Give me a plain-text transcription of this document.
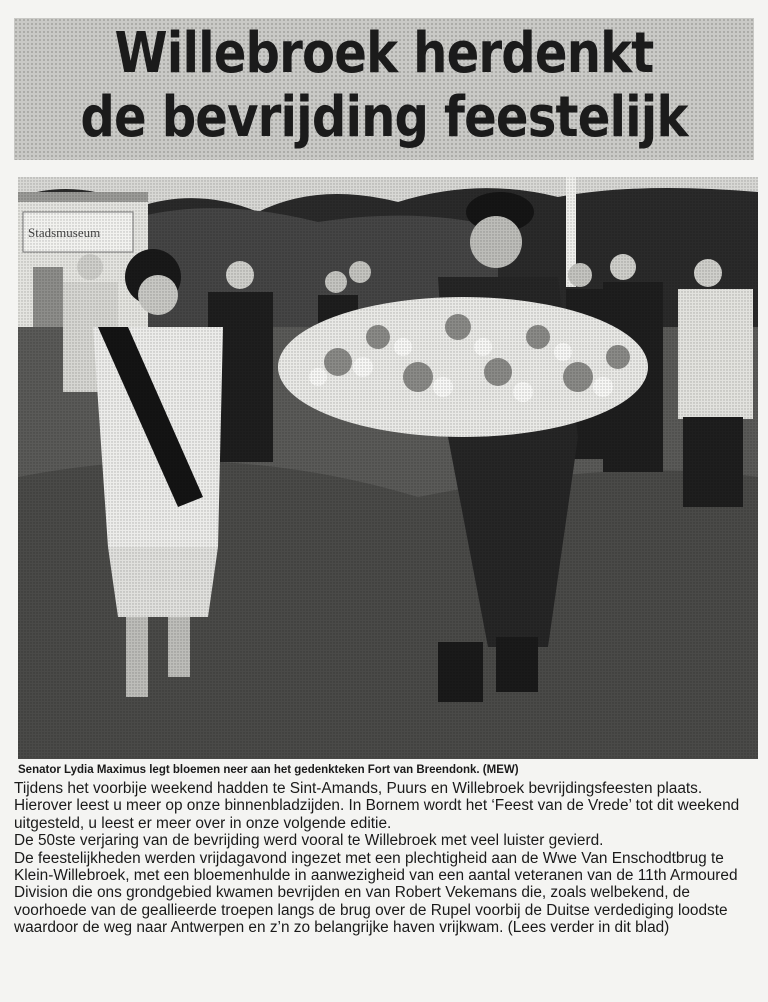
Willebroek herdenkt
de bevrijding feestelijk

Senator Lydia Maximus legt bloemen neer aan het gedenkteken Fort van Breendonk. (MEW)

Tijdens het voorbije weekend hadden te Sint-Amands, Puurs en Willebroek bevrijdingsfeesten plaats. Hierover leest u meer op onze binnenbladzijden. In Bornem wordt het ‘Feest van de Vrede’ tot dit weekend uitgesteld, u leest er meer over in onze volgende editie.

De 50ste verjaring van de bevrijding werd vooral te Willebroek met veel luister gevierd.

De feestelijkheden werden vrijdagavond ingezet met een plechtigheid aan de Wwe Van Enschodtbrug te Klein-Willebroek, met een bloemenhulde in aanwezigheid van een aantal veteranen van de 11th Armoured Division die ons grondgebied kwamen bevrijden en van Robert Vekemans die, zoals welbekend, de voorhoede van de geallieerde troepen langs de brug over de Rupel voorbij de Duitse verdediging loodste waardoor de weg naar Antwerpen en z’n zo belangrijke haven vrijkwam. (Lees verder in dit blad)
